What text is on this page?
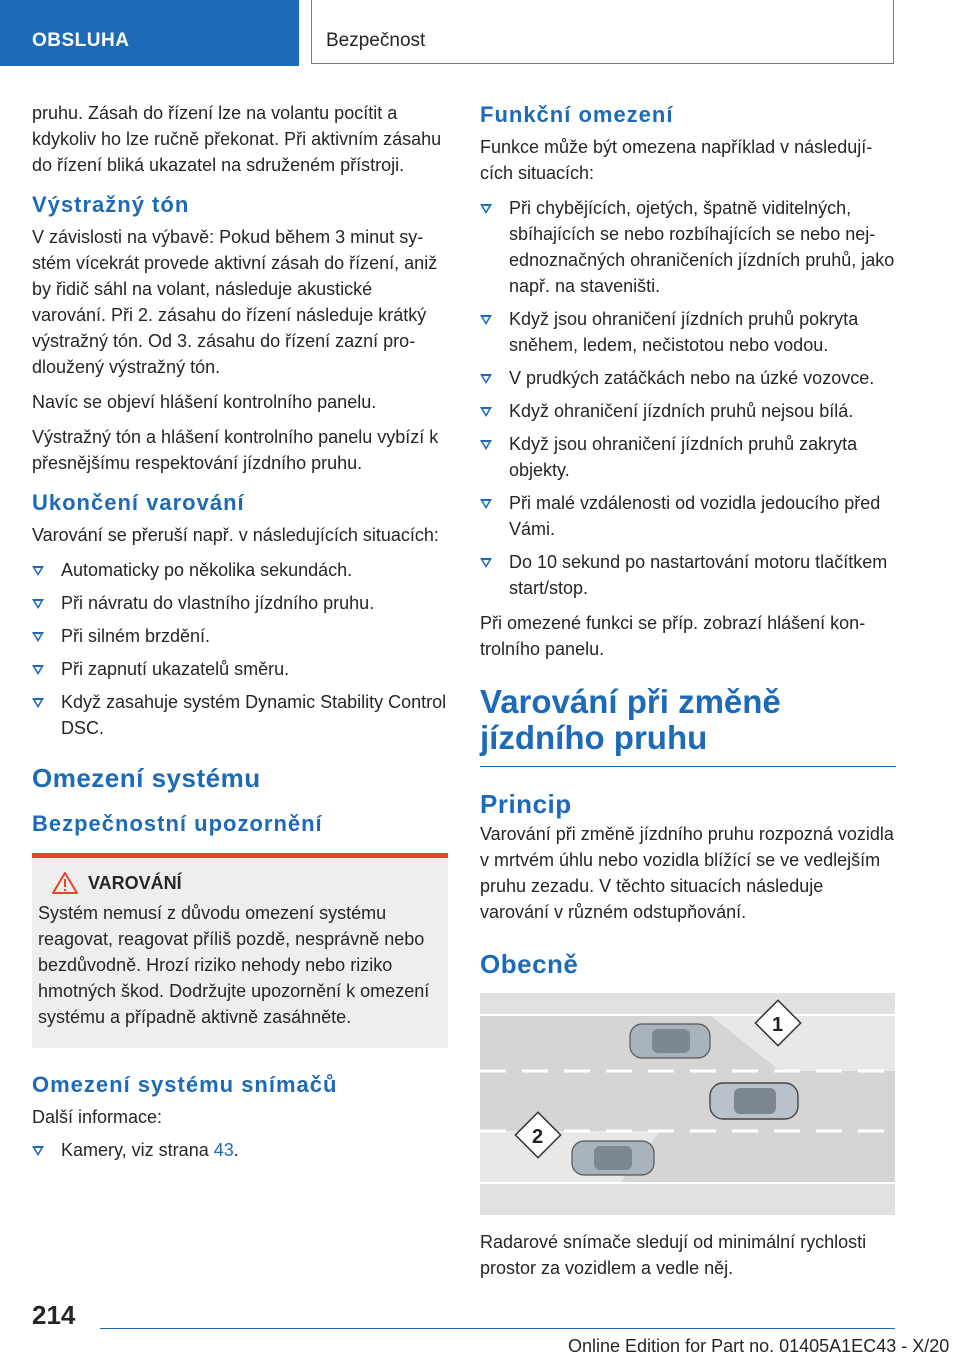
OBSLUHA	Bezpečnost

pruhu. Zásah do řízení lze na volantu pocítit a kdykoliv ho lze ručně překonat. Při aktivním zásahu do řízení bliká ukazatel na sdruženém přístroji.

Výstražný tón

V závislosti na výbavě: Pokud během 3 minut systém vícekrát provede aktivní zásah do řízení, aniž by řidič sáhl na volant, následuje akustické varování. Při 2. zásahu do řízení následuje krátký výstražný tón. Od 3. zásahu do řízení zazní prodloužený výstražný tón.

Navíc se objeví hlášení kontrolního panelu.

Výstražný tón a hlášení kontrolního panelu vybízí k přesnějšímu respektování jízdního pruhu.

Ukončení varování

Varování se přeruší např. v následujících situacích:

Automaticky po několika sekundách.
Při návratu do vlastního jízdního pruhu.
Při silném brzdění.
Při zapnutí ukazatelů směru.
Když zasahuje systém Dynamic Stability Control DSC.
Omezení systému
Bezpečnostní upozornění
VAROVÁNÍ

Systém nemusí z důvodu omezení systému reagovat, reagovat příliš pozdě, nesprávně nebo bezdůvodně. Hrozí riziko nehody nebo riziko hmotných škod. Dodržujte upozornění k omezení systému a případně aktivně zasáhněte.

Omezení systému snímačů

Další informace:

Kamery, viz strana 43.
Funkční omezení

Funkce může být omezena například v následujících situacích:

Při chybějících, ojetých, špatně viditelných, sbíhajících se nebo rozbíhajících se nebo nejednoznačných ohraničeních jízdních pruhů, jako např. na staveništi.
Když jsou ohraničení jízdních pruhů pokryta sněhem, ledem, nečistotou nebo vodou.
V prudkých zatáčkách nebo na úzké vozovce.
Když ohraničení jízdních pruhů nejsou bílá.
Když jsou ohraničení jízdních pruhů zakryta objekty.
Při malé vzdálenosti od vozidla jedoucího před Vámi.
Do 10 sekund po nastartování motoru tlačítkem start/stop.

Při omezené funkci se příp. zobrazí hlášení kontrolního panelu.

Varování při změně jízdního pruhu
Princip

Varování při změně jízdního pruhu rozpozná vozidla v mrtvém úhlu nebo vozidla blížící se ve vedlejším pruhu zezadu. V těchto situacích následuje varování v různém odstupňování.

Obecně
1
2

Radarové snímače sledují od minimální rychlosti prostor za vozidlem a vedle něj.

214
Online Edition for Part no. 01405A1EC43 - X/20
